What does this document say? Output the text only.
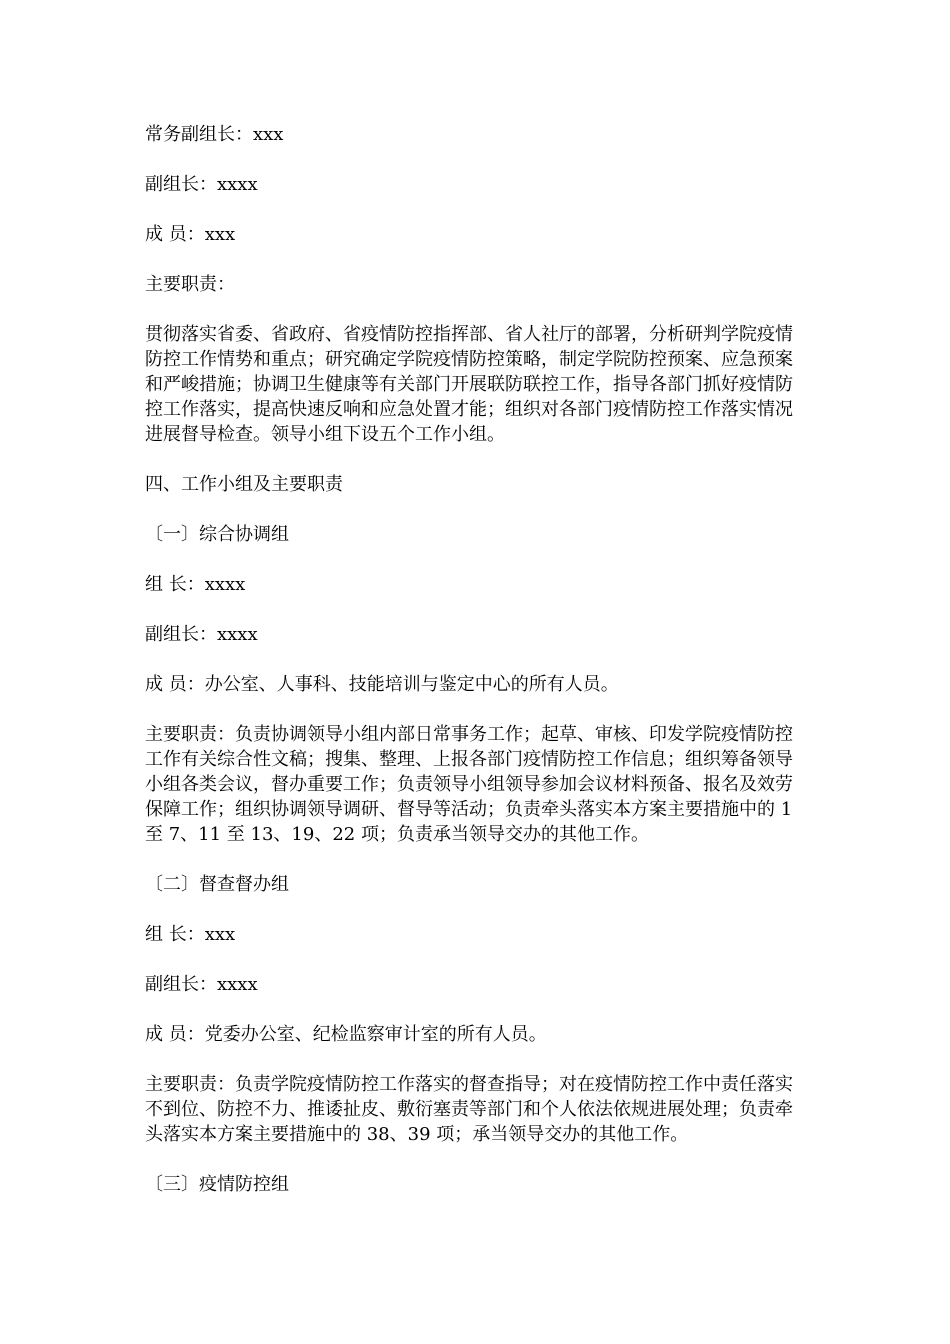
常务副组长：xxx

副组长：xxxx

成 员：xxx

主要职责：

贯彻落实省委、省政府、省疫情防控指挥部、省人社厅的部署，分析研判学院疫情防控工作情势和重点；研究确定学院疫情防控策略，制定学院防控预案、应急预案和严峻措施；协调卫生健康等有关部门开展联防联控工作，指导各部门抓好疫情防控工作落实，提高快速反响和应急处置才能；组织对各部门疫情防控工作落实情况进展督导检查。领导小组下设五个工作小组。

四、工作小组及主要职责

〔一〕综合协调组

组 长：xxxx

副组长：xxxx

成 员：办公室、人事科、技能培训与鉴定中心的所有人员。

主要职责：负责协调领导小组内部日常事务工作；起草、审核、印发学院疫情防控工作有关综合性文稿；搜集、整理、上报各部门疫情防控工作信息；组织筹备领导小组各类会议，督办重要工作；负责领导小组领导参加会议材料预备、报名及效劳保障工作；组织协调领导调研、督导等活动；负责牵头落实本方案主要措施中的 1 至 7、11 至 13、19、22 项；负责承当领导交办的其他工作。

〔二〕督查督办组

组 长：xxx

副组长：xxxx

成 员：党委办公室、纪检监察审计室的所有人员。

主要职责：负责学院疫情防控工作落实的督查指导；对在疫情防控工作中责任落实不到位、防控不力、推诿扯皮、敷衍塞责等部门和个人依法依规进展处理；负责牵头落实本方案主要措施中的 38、39 项；承当领导交办的其他工作。

〔三〕疫情防控组
